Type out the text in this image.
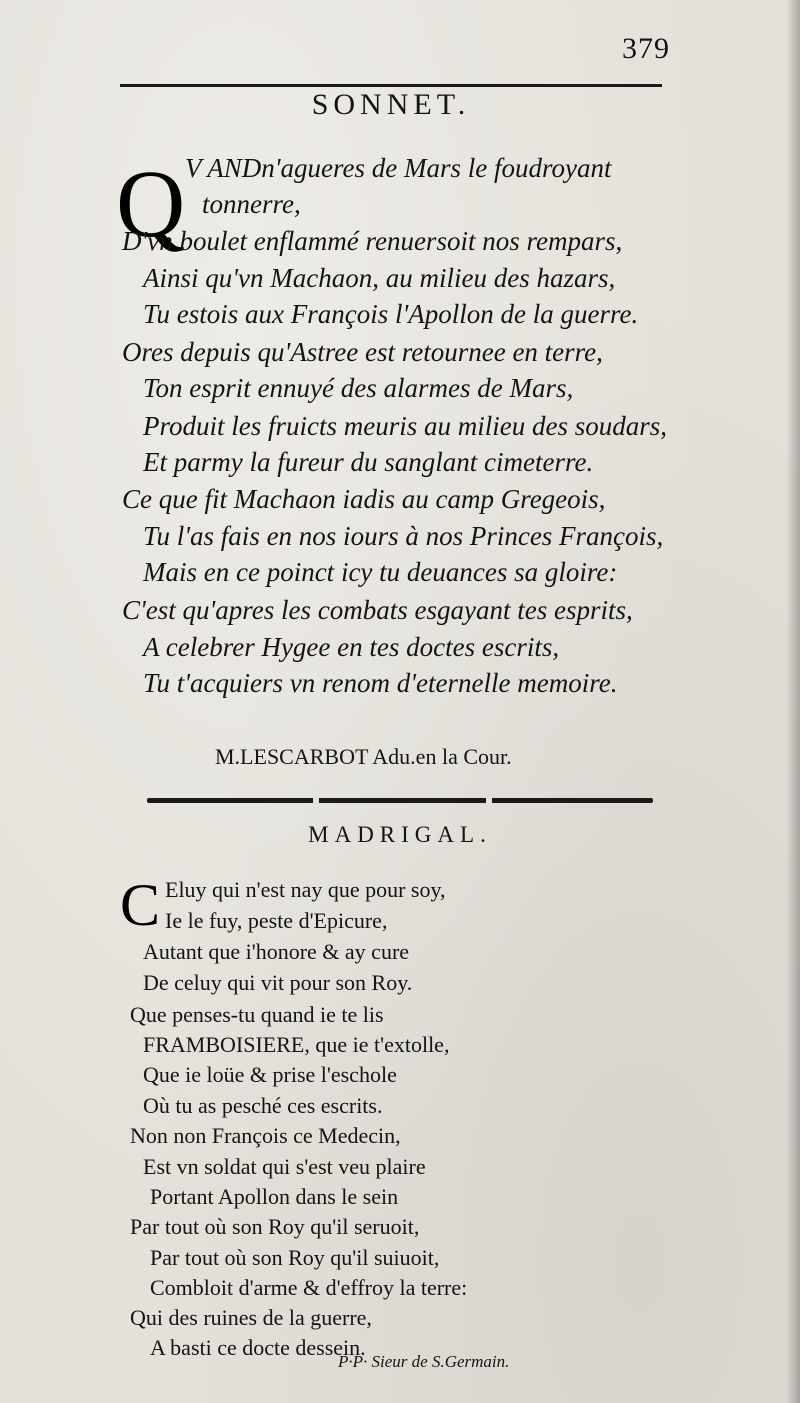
379
SONNET.
Q V ANDn'agueres de Mars le foudroyant
tonnerre,
D'vn boulet enflammé renuersoit nos rempars,
Ainsi qu'vn Machaon, au milieu des hazars,
Tu estois aux François l'Apollon de la guerre.
Ores depuis qu'Astree est retournee en terre,
Ton esprit ennuyé des alarmes de Mars,
Produit les fruicts meuris au milieu des soudars,
Et parmy la fureur du sanglant cimeterre.
Ce que fit Machaon iadis au camp Gregeois,
Tu l'as fais en nos iours à nos Princes François,
Mais en ce poinct icy tu deuances sa gloire:
C'est qu'apres les combats esgayant tes esprits,
A celebrer Hygee en tes doctes escrits,
Tu t'acquiers vn renom d'eternelle memoire.
M.LESCARBOT Adu.en la Cour.
MADRIGAL.
C Eluy qui n'est nay que pour soy,
Ie le fuy, peste d'Epicure,
Autant que i'honore & ay cure
De celuy qui vit pour son Roy.
Que penses-tu quand ie te lis
FRAMBOISIERE, que ie t'extolle,
Que ie loüe & prise l'eschole
Où tu as pesché ces escrits.
Non non François ce Medecin,
Est vn soldat qui s'est veu plaire
Portant Apollon dans le sein
Par tout où son Roy qu'il seruoit,
Par tout où son Roy qu'il suiuoit,
Combloit d'arme & d'effroy la terre:
Qui des ruines de la guerre,
A basti ce docte dessein.
P·P· Sieur de S.Germain.
